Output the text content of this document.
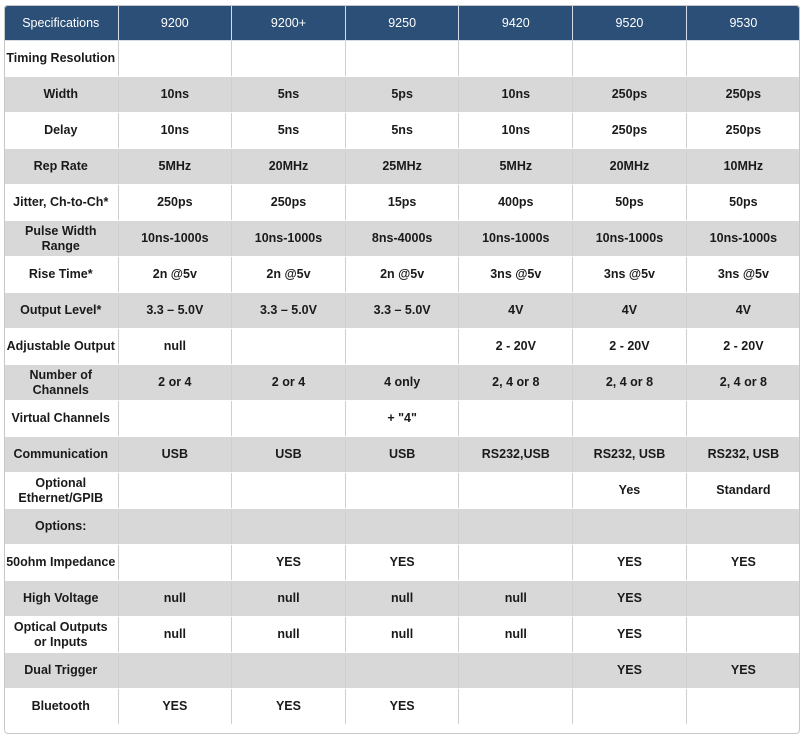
Specifications	9200	9200+	9250	9420	9520	9530
Timing Resolution						
Width	10ns	5ns	5ps	10ns	250ps	250ps
Delay	10ns	5ns	5ns	10ns	250ps	250ps
Rep Rate	5MHz	20MHz	25MHz	5MHz	20MHz	10MHz
Jitter, Ch-to-Ch*	250ps	250ps	15ps	400ps	50ps	50ps
Pulse Width Range	10ns-1000s	10ns-1000s	8ns-4000s	10ns-1000s	10ns-1000s	10ns-1000s
Rise Time*	2n @5v	2n @5v	2n @5v	3ns @5v	3ns @5v	3ns @5v
Output Level*	3.3 – 5.0V	3.3 – 5.0V	3.3 – 5.0V	4V	4V	4V
Adjustable Output	null			2 - 20V	2 - 20V	2 - 20V
Number of Channels	2 or 4	2 or 4	4 only	2, 4 or 8	2, 4 or 8	2, 4 or 8
Virtual Channels			+ "4"			
Communication	USB	USB	USB	RS232,USB	RS232, USB	RS232, USB
Optional Ethernet/GPIB					Yes	Standard
Options:						
50ohm Impedance		YES	YES		YES	YES
High Voltage	null	null	null	null	YES	
Optical Outputs or Inputs	null	null	null	null	YES	
Dual Trigger					YES	YES
Bluetooth	YES	YES	YES			
